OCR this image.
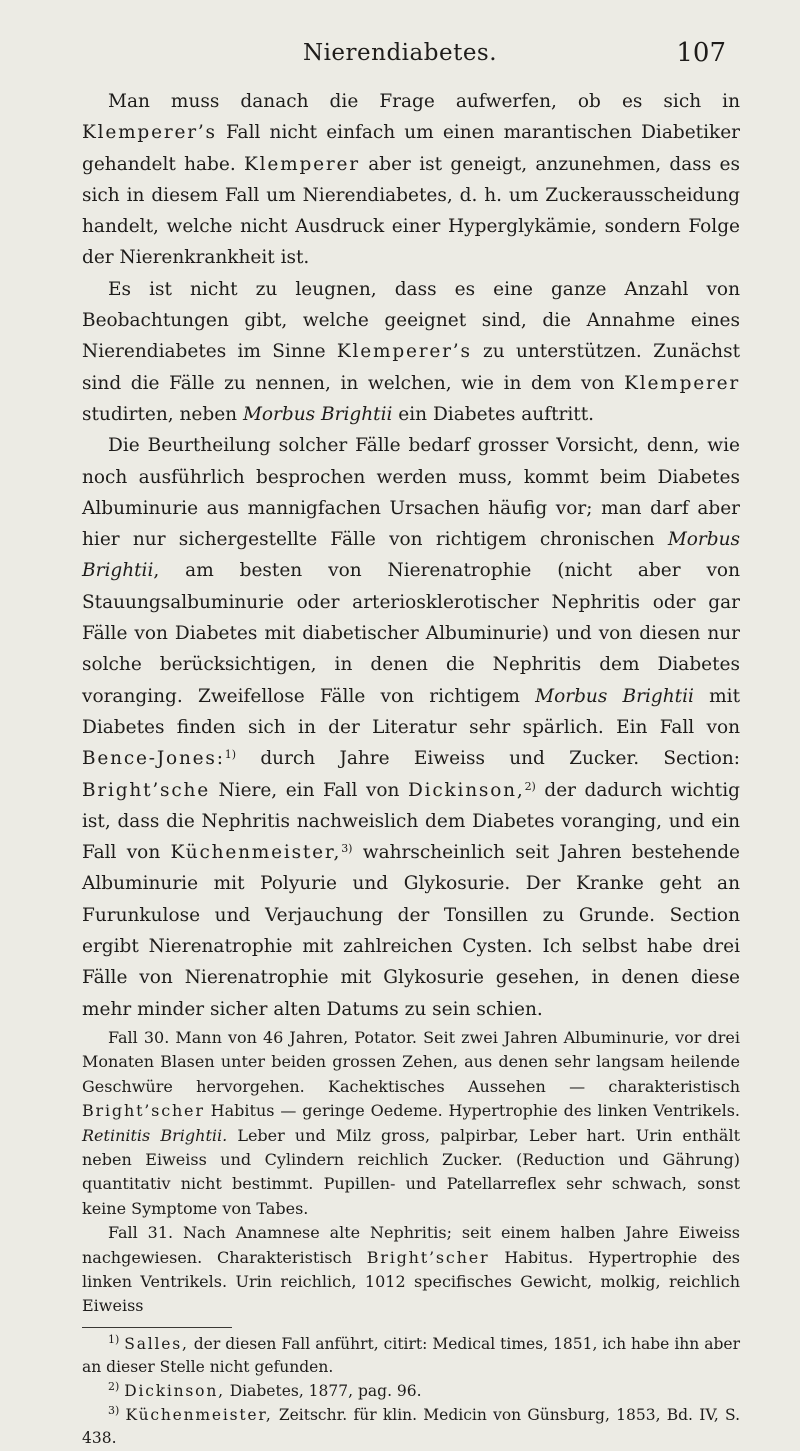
Nierendiabetes.	107

Man muss danach die Frage aufwerfen, ob es sich in Klemperer’s Fall nicht einfach um einen marantischen Diabetiker gehandelt habe. Klemperer aber ist geneigt, anzunehmen, dass es sich in diesem Fall um Nierendiabetes, d. h. um Zuckerausscheidung handelt, welche nicht Ausdruck einer Hyperglykämie, sondern Folge der Nierenkrankheit ist.

Es ist nicht zu leugnen, dass es eine ganze Anzahl von Beobachtungen gibt, welche geeignet sind, die Annahme eines Nierendiabetes im Sinne Klemperer’s zu unterstützen. Zunächst sind die Fälle zu nennen, in welchen, wie in dem von Klemperer studirten, neben Morbus Brightii ein Diabetes auftritt.

Die Beurtheilung solcher Fälle bedarf grosser Vorsicht, denn, wie noch ausführlich besprochen werden muss, kommt beim Diabetes Albuminurie aus mannigfachen Ursachen häufig vor; man darf aber hier nur sichergestellte Fälle von richtigem chronischen Morbus Brightii, am besten von Nierenatrophie (nicht aber von Stauungsalbuminurie oder arteriosklerotischer Nephritis oder gar Fälle von Diabetes mit diabetischer Albuminurie) und von diesen nur solche berücksichtigen, in denen die Nephritis dem Diabetes voranging. Zweifellose Fälle von richtigem Morbus Brightii mit Diabetes finden sich in der Literatur sehr spärlich. Ein Fall von Bence-Jones:$^{1)}$ durch Jahre Eiweiss und Zucker. Section: Bright’sche Niere, ein Fall von Dickinson,$^{2)}$ der dadurch wichtig ist, dass die Nephritis nachweislich dem Diabetes voranging, und ein Fall von Küchenmeister,$^{3)}$ wahrscheinlich seit Jahren bestehende Albuminurie mit Polyurie und Glykosurie. Der Kranke geht an Furunkulose und Verjauchung der Tonsillen zu Grunde. Section ergibt Nierenatrophie mit zahlreichen Cysten. Ich selbst habe drei Fälle von Nierenatrophie mit Glykosurie gesehen, in denen diese mehr minder sicher alten Datums zu sein schien.

Fall 30. Mann von 46 Jahren, Potator. Seit zwei Jahren Albuminurie, vor drei Monaten Blasen unter beiden grossen Zehen, aus denen sehr langsam heilende Geschwüre hervorgehen. Kachektisches Aussehen — charakteristisch Bright’scher Habitus — geringe Oedeme. Hypertrophie des linken Ventrikels. Retinitis Brightii. Leber und Milz gross, palpirbar, Leber hart. Urin enthält neben Eiweiss und Cylindern reichlich Zucker. (Reduction und Gährung) quantitativ nicht bestimmt. Pupillen- und Patellarreflex sehr schwach, sonst keine Symptome von Tabes.

Fall 31. Nach Anamnese alte Nephritis; seit einem halben Jahre Eiweiss nachgewiesen. Charakteristisch Bright’scher Habitus. Hypertrophie des linken Ventrikels. Urin reichlich, 1012 specifisches Gewicht, molkig, reichlich Eiweiss

$^{1)}$ Salles, der diesen Fall anführt, citirt: Medical times, 1851, ich habe ihn aber an dieser Stelle nicht gefunden.

$^{2)}$ Dickinson, Diabetes, 1877, pag. 96.

$^{3)}$ Küchenmeister, Zeitschr. für klin. Medicin von Günsburg, 1853, Bd. IV, S. 438.
